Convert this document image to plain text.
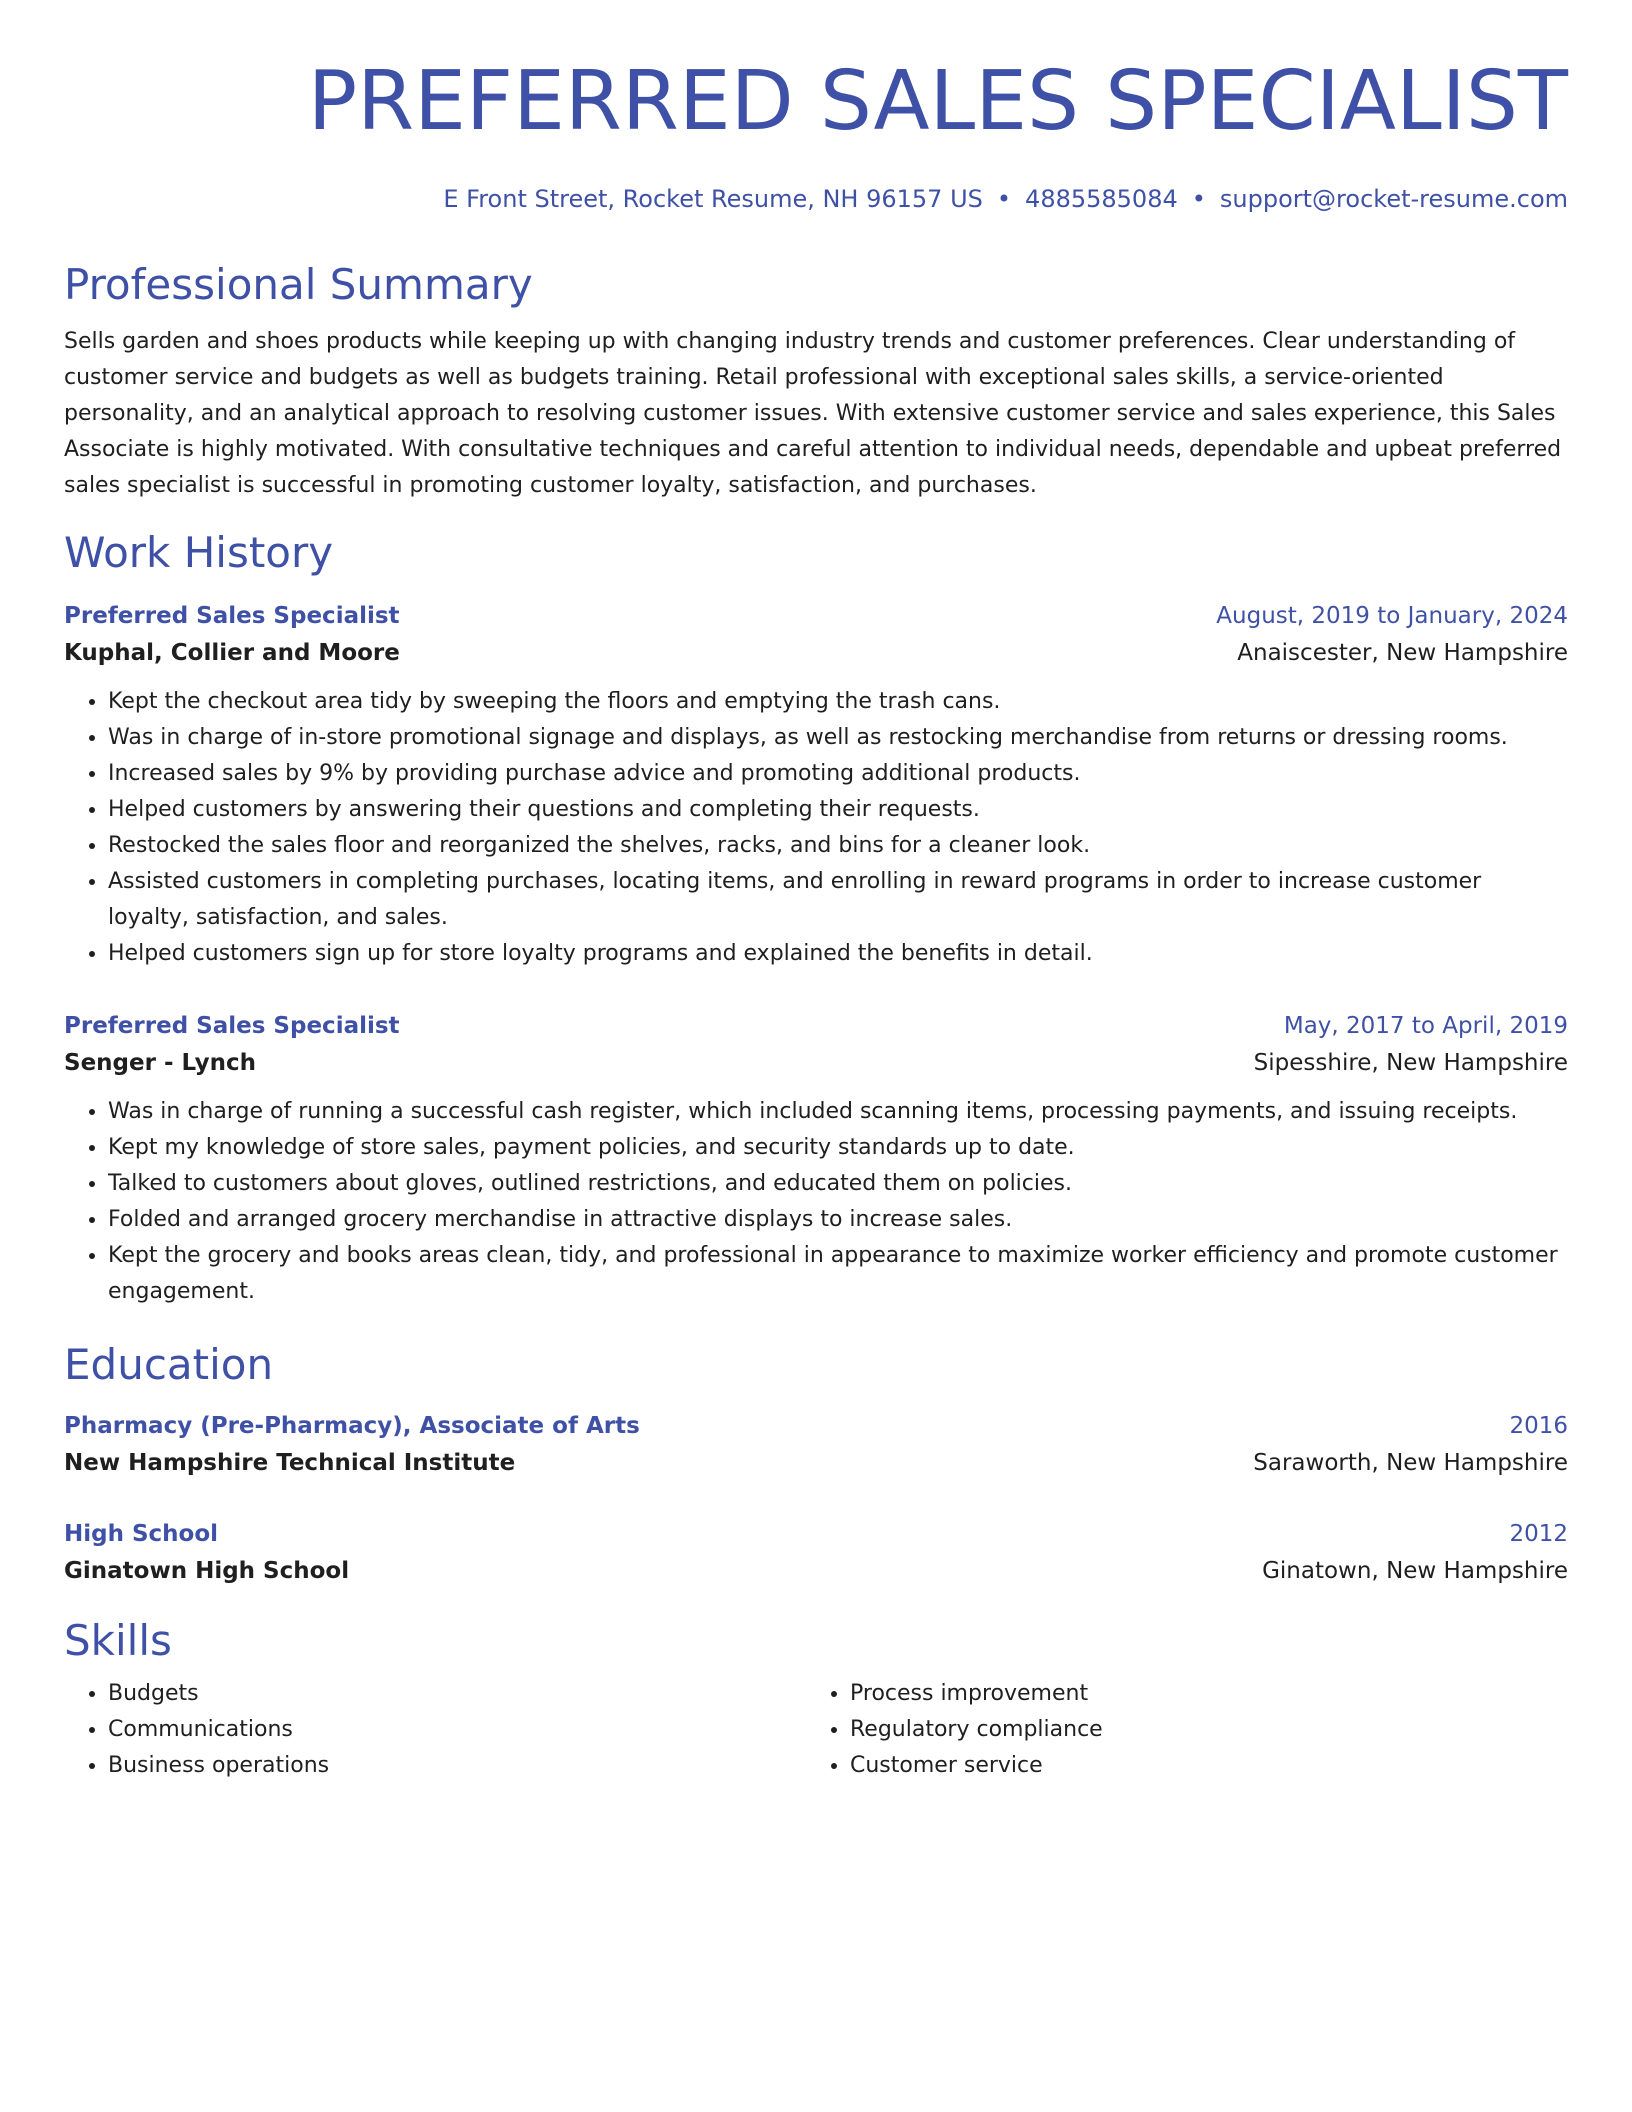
PREFERRED SALES SPECIALIST
E Front Street, Rocket Resume, NH 96157 US • 4885585084 • support@rocket-resume.com
Professional Summary
Sells garden and shoes products while keeping up with changing industry trends and customer preferences. Clear understanding of customer service and budgets as well as budgets training. Retail professional with exceptional sales skills, a service-oriented personality, and an analytical approach to resolving customer issues. With extensive customer service and sales experience, this Sales Associate is highly motivated. With consultative techniques and careful attention to individual needs, dependable and upbeat preferred sales specialist is successful in promoting customer loyalty, satisfaction, and purchases.
Work History
Preferred Sales Specialist	August, 2019 to January, 2024
Kuphal, Collier and Moore	Anaiscester, New Hampshire
• Kept the checkout area tidy by sweeping the floors and emptying the trash cans.
• Was in charge of in-store promotional signage and displays, as well as restocking merchandise from returns or dressing rooms.
• Increased sales by 9% by providing purchase advice and promoting additional products.
• Helped customers by answering their questions and completing their requests.
• Restocked the sales floor and reorganized the shelves, racks, and bins for a cleaner look.
• Assisted customers in completing purchases, locating items, and enrolling in reward programs in order to increase customer loyalty, satisfaction, and sales.
• Helped customers sign up for store loyalty programs and explained the benefits in detail.
Preferred Sales Specialist	May, 2017 to April, 2019
Senger - Lynch	Sipesshire, New Hampshire
• Was in charge of running a successful cash register, which included scanning items, processing payments, and issuing receipts.
• Kept my knowledge of store sales, payment policies, and security standards up to date.
• Talked to customers about gloves, outlined restrictions, and educated them on policies.
• Folded and arranged grocery merchandise in attractive displays to increase sales.
• Kept the grocery and books areas clean, tidy, and professional in appearance to maximize worker efficiency and promote customer engagement.
Education
Pharmacy (Pre-Pharmacy), Associate of Arts	2016
New Hampshire Technical Institute	Saraworth, New Hampshire
High School	2012
Ginatown High School	Ginatown, New Hampshire
Skills
• Budgets
• Communications
• Business operations
• Process improvement
• Regulatory compliance
• Customer service
